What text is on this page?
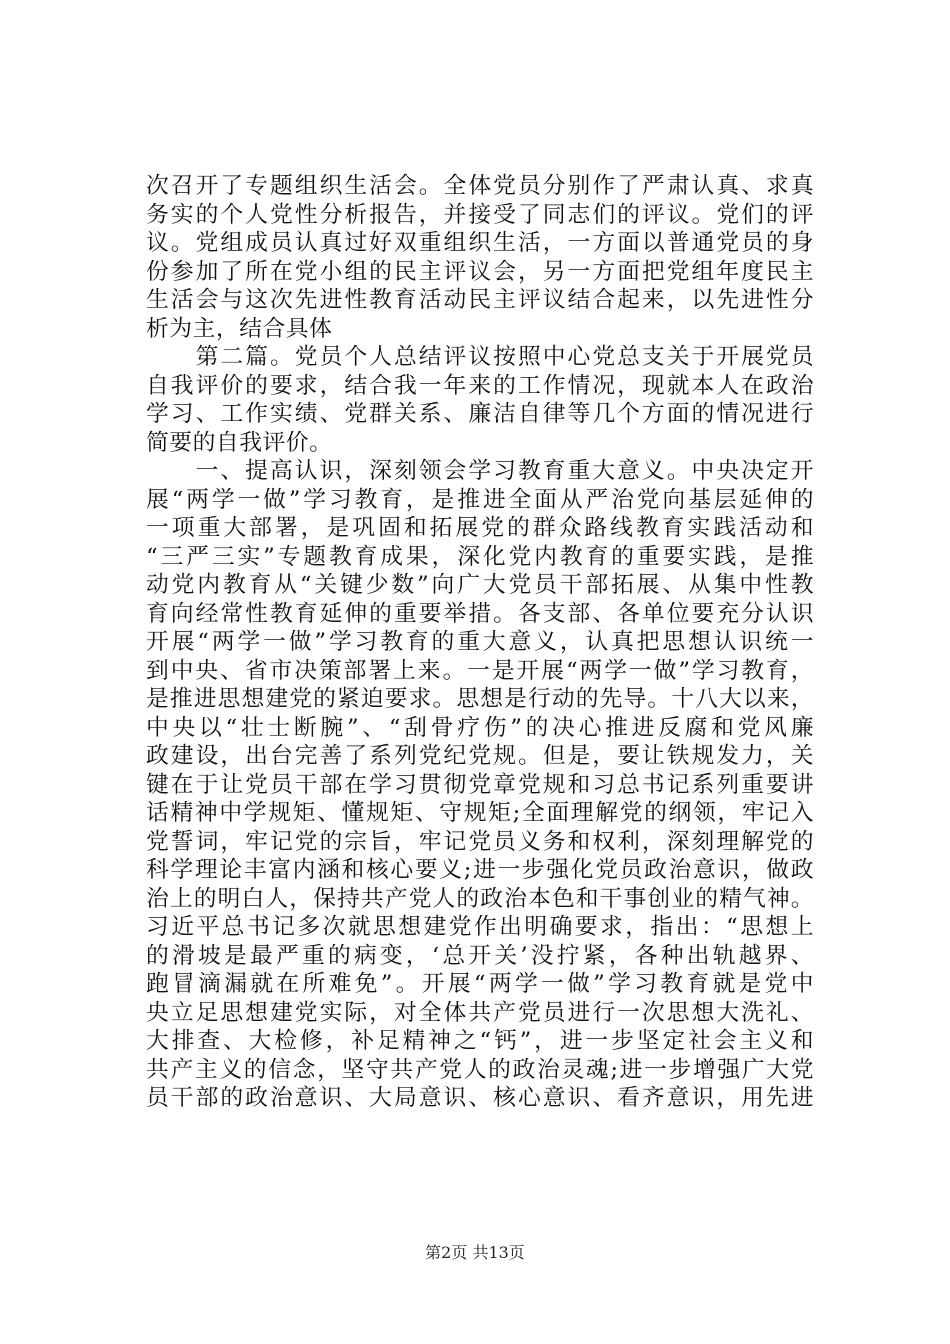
次召开了专题组织生活会。全体党员分别作了严肃认真、求真
务实的个人党性分析报告，并接受了同志们的评议。党们的评
议。党组成员认真过好双重组织生活，一方面以普通党员的身
份参加了所在党小组的民主评议会，另一方面把党组年度民主
生活会与这次先进性教育活动民主评议结合起来，以先进性分
析为主，结合具体
　　第二篇。党员个人总结评议按照中心党总支关于开展党员
自我评价的要求，结合我一年来的工作情况，现就本人在政治
学习、工作实绩、党群关系、廉洁自律等几个方面的情况进行
简要的自我评价。
　　一、提高认识，深刻领会学习教育重大意义。中央决定开
展“两学一做”学习教育，是推进全面从严治党向基层延伸的
一项重大部署，是巩固和拓展党的群众路线教育实践活动和
“三严三实”专题教育成果，深化党内教育的重要实践，是推
动党内教育从“关键少数”向广大党员干部拓展、从集中性教
育向经常性教育延伸的重要举措。各支部、各单位要充分认识
开展“两学一做”学习教育的重大意义，认真把思想认识统一
到中央、省市决策部署上来。一是开展“两学一做”学习教育，
是推进思想建党的紧迫要求。思想是行动的先导。十八大以来，
中央以“壮士断腕”、“刮骨疗伤”的决心推进反腐和党风廉
政建设，出台完善了系列党纪党规。但是，要让铁规发力，关
键在于让党员干部在学习贯彻党章党规和习总书记系列重要讲
话精神中学规矩、懂规矩、守规矩;全面理解党的纲领，牢记入
党誓词，牢记党的宗旨，牢记党员义务和权利，深刻理解党的
科学理论丰富内涵和核心要义;进一步强化党员政治意识，做政
治上的明白人，保持共产党人的政治本色和干事创业的精气神。
习近平总书记多次就思想建党作出明确要求，指出：“思想上
的滑坡是最严重的病变，‘总开关’没拧紧，各种出轨越界、
跑冒滴漏就在所难免”。开展“两学一做”学习教育就是党中
央立足思想建党实际，对全体共产党员进行一次思想大洗礼、
大排查、大检修，补足精神之“钙”，进一步坚定社会主义和
共产主义的信念，坚守共产党人的政治灵魂;进一步增强广大党
员干部的政治意识、大局意识、核心意识、看齐意识，用先进
第2页 共13页
